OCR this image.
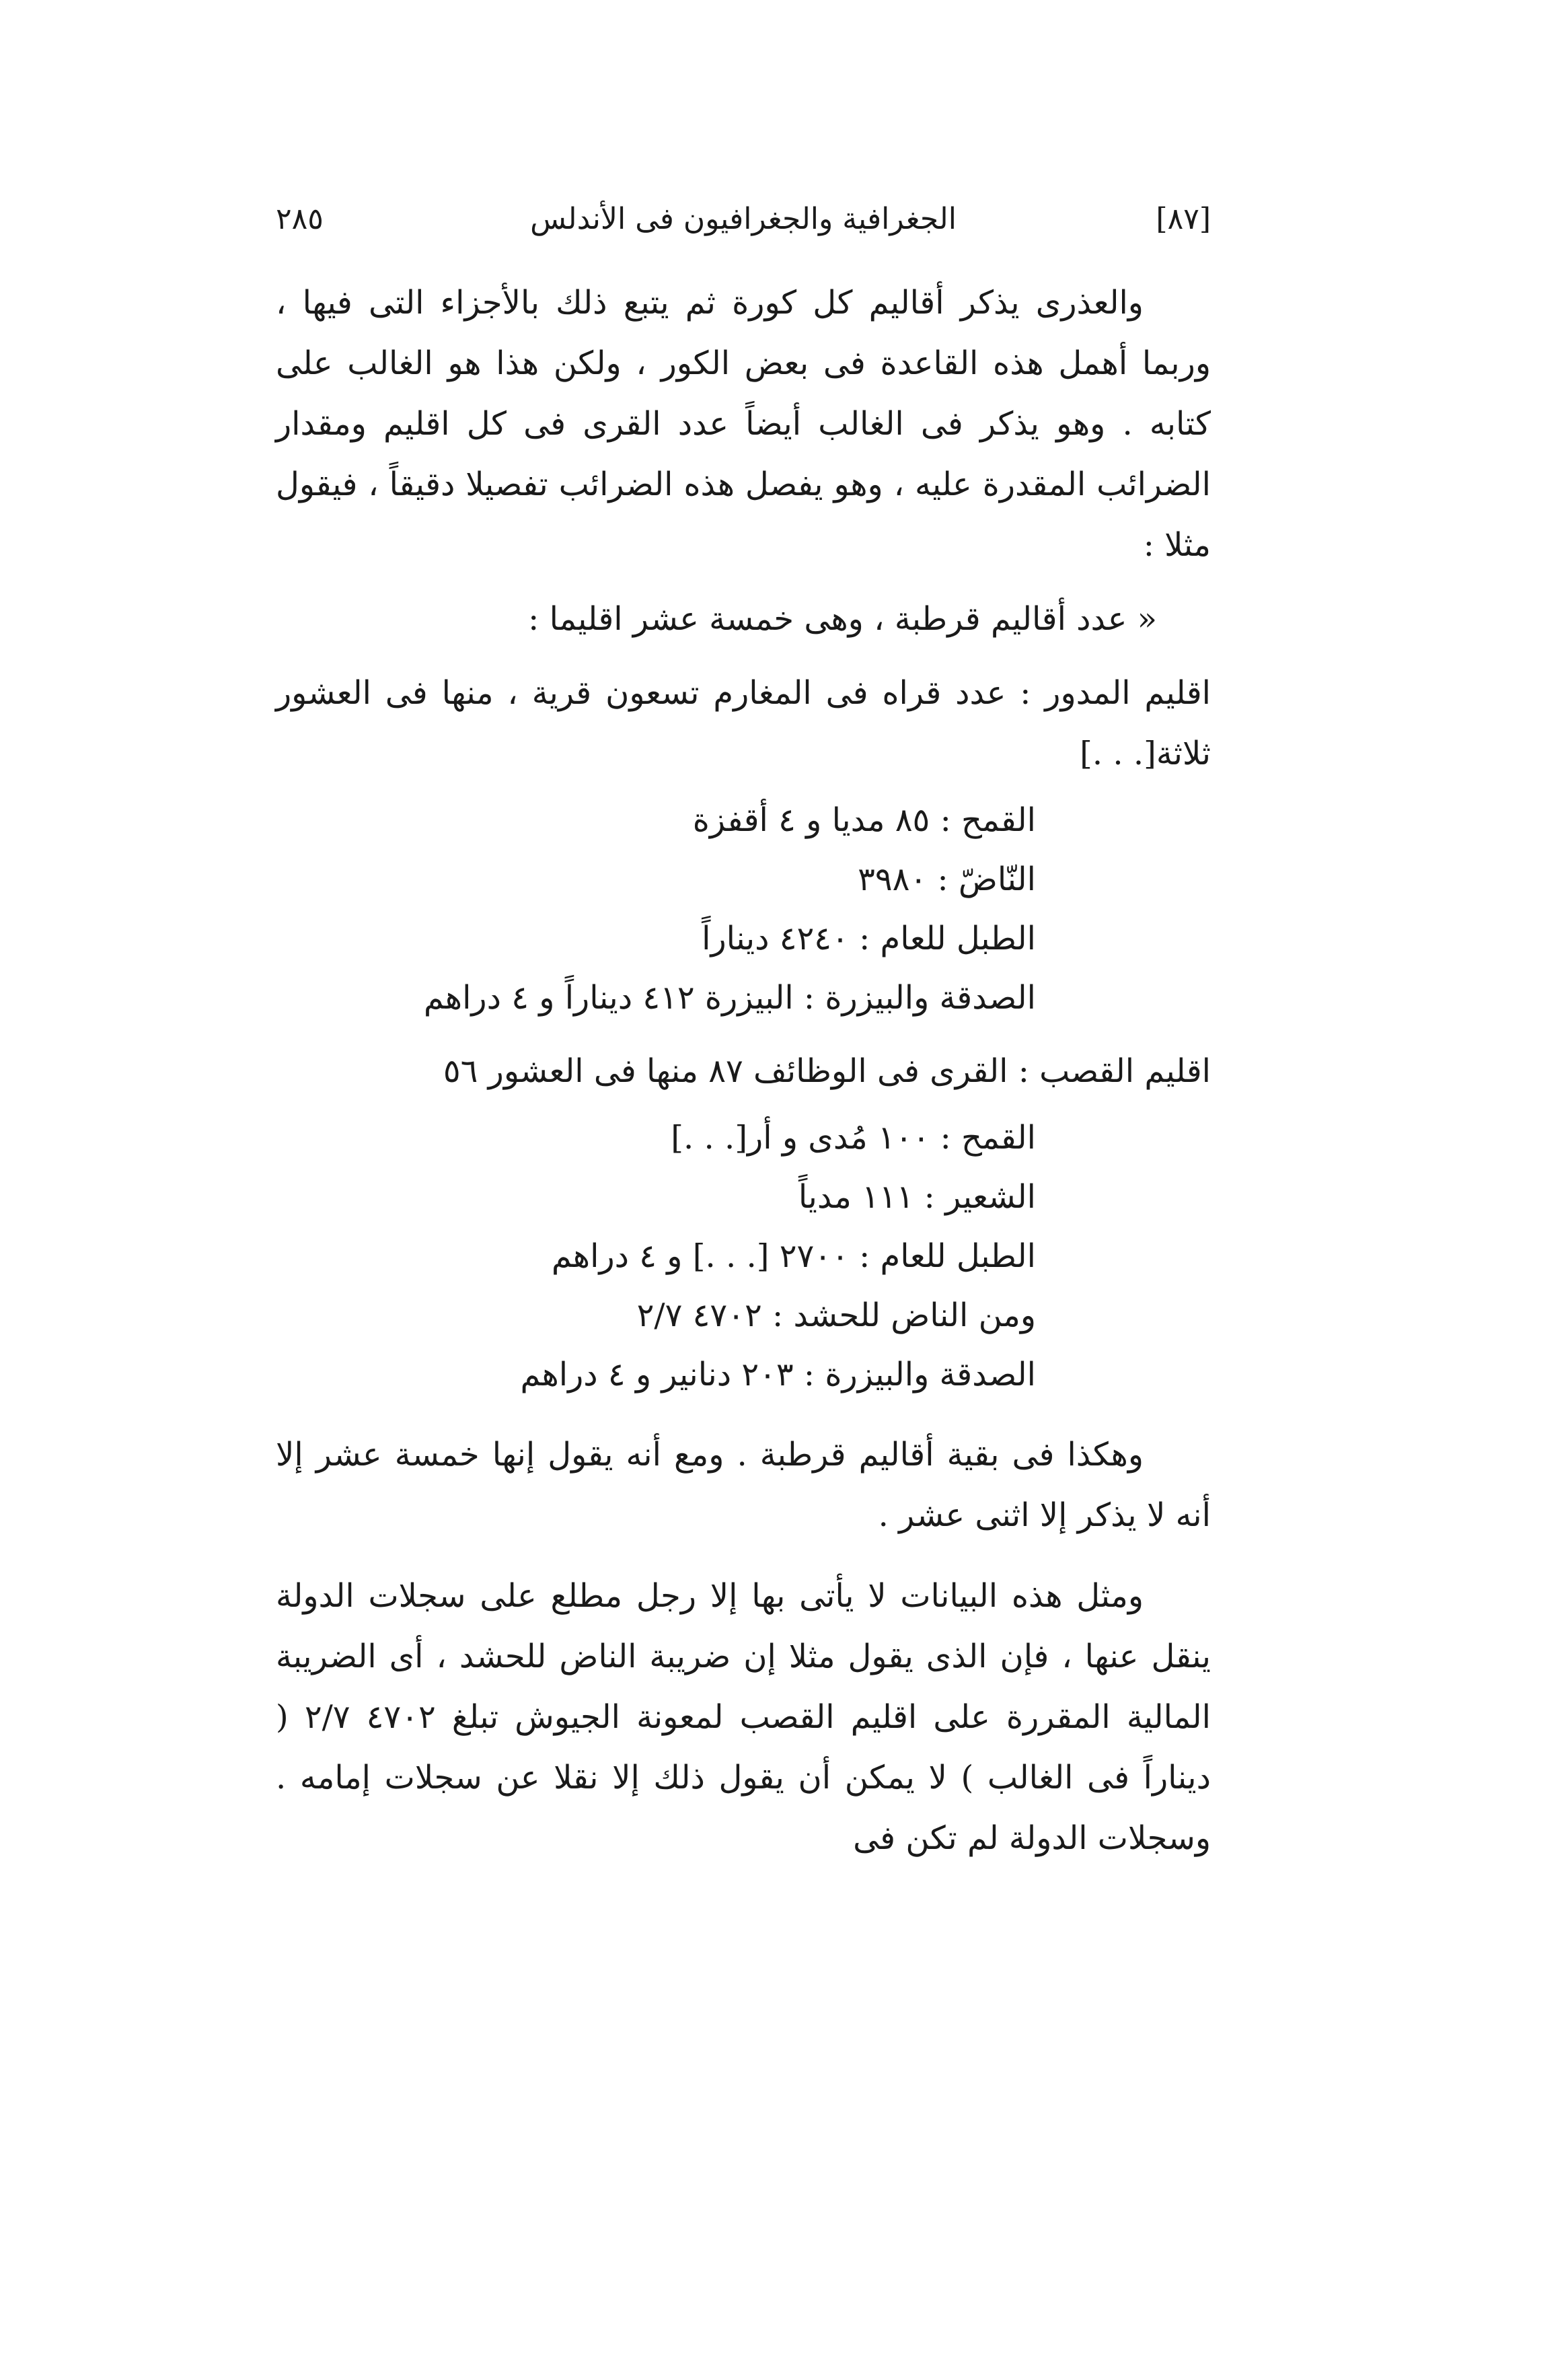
[٨٧]
الجغرافية والجغرافيون فى الأندلس
٢٨٥

والعذرى يذكر أقاليم كل كورة ثم يتبع ذلك بالأجزاء التى فيها ، وربما أهمل هذه القاعدة فى بعض الكور ، ولكن هذا هو الغالب على كتابه . وهو يذكر فى الغالب أيضاً عدد القرى فى كل اقليم ومقدار الضرائب المقدرة عليه ، وهو يفصل هذه الضرائب تفصيلا دقيقاً ، فيقول مثلا :

« عدد أقاليم قرطبة ، وهى خمسة عشر اقليما :

اقليم المدور : عدد قراه فى المغارم تسعون قرية ، منها فى العشور ثلاثة[. . .]

القمح : ٨٥ مديا و ٤ أقفزة

النّاضّ : ٣٩٨٠

الطبل للعام : ٤٢٤٠ ديناراً

الصدقة والبيزرة : البيزرة ٤١٢ ديناراً و ٤ دراهم

اقليم القصب : القرى فى الوظائف ٨٧ منها فى العشور ٥٦

القمح : ١٠٠ مُدى و أر[. . .]

الشعير : ١١١ مدياً

الطبل للعام : ٢٧٠٠ [. . .] و ٤ دراهم

ومن الناض للحشد : ٤٧٠٢ ٢/٧

الصدقة والبيزرة : ٢٠٣ دنانير و ٤ دراهم

وهكذا فى بقية أقاليم قرطبة . ومع أنه يقول إنها خمسة عشر إلا أنه لا يذكر إلا اثنى عشر .

ومثل هذه البيانات لا يأتى بها إلا رجل مطلع على سجلات الدولة ينقل عنها ، فإن الذى يقول مثلا إن ضريبة الناض للحشد ، أى الضريبة المالية المقررة على اقليم القصب لمعونة الجيوش تبلغ ٤٧٠٢ ٢/٧ ( ديناراً فى الغالب ) لا يمكن أن يقول ذلك إلا نقلا عن سجلات إمامه . وسجلات الدولة لم تكن فى
